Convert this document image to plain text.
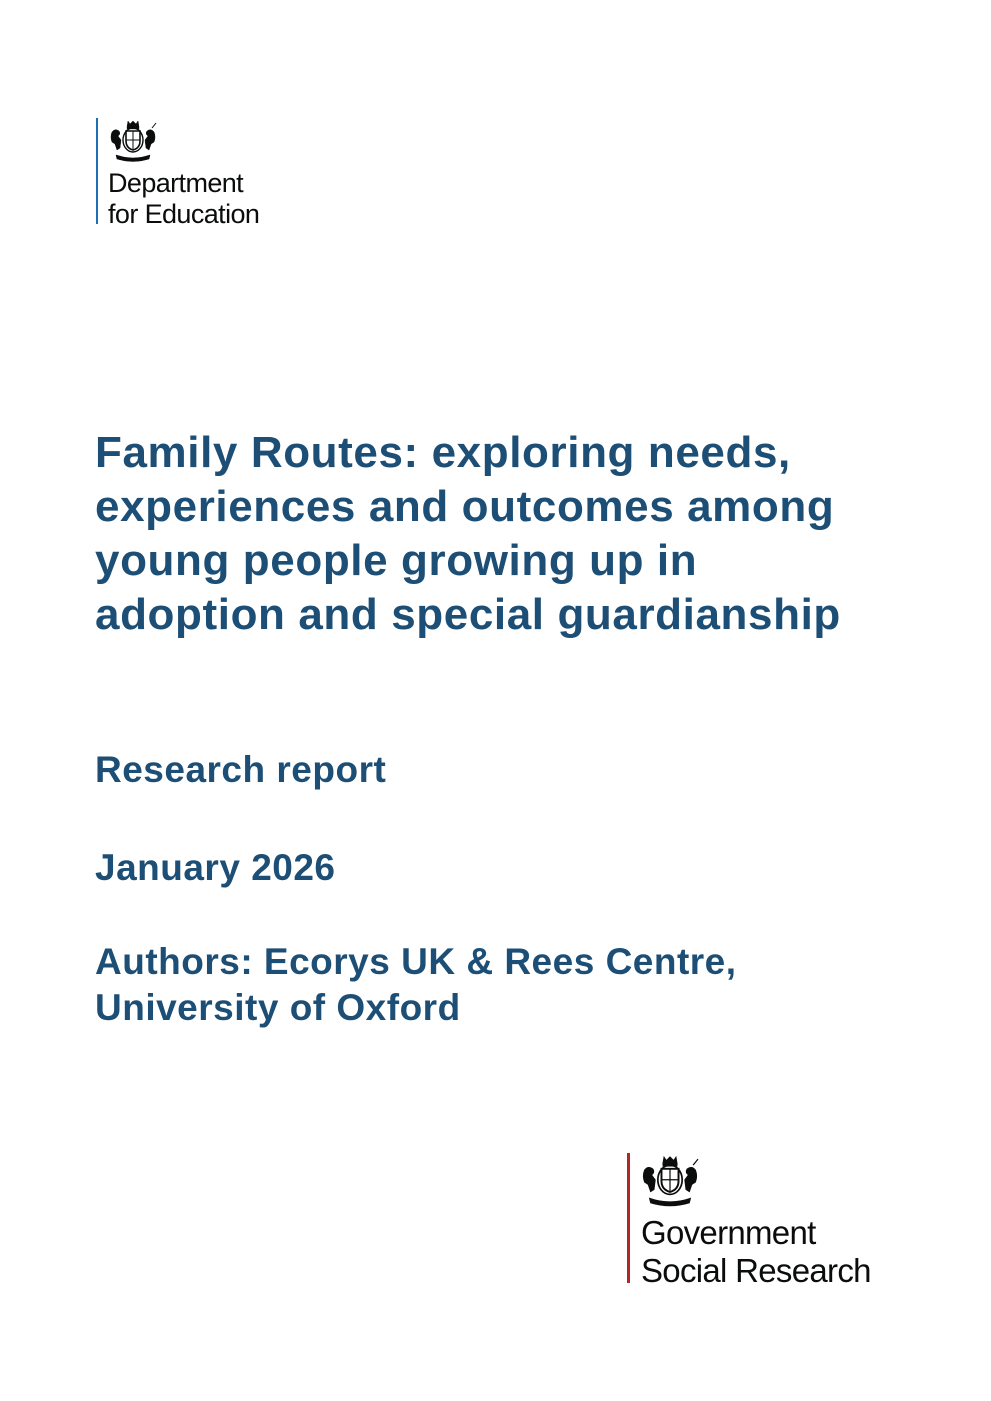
Department
for Education
Family Routes: exploring needs, experiences and outcomes among young people growing up in adoption and special guardianship
Research report
January 2026
Authors: Ecorys UK & Rees Centre,
University of Oxford
Government
Social Research
